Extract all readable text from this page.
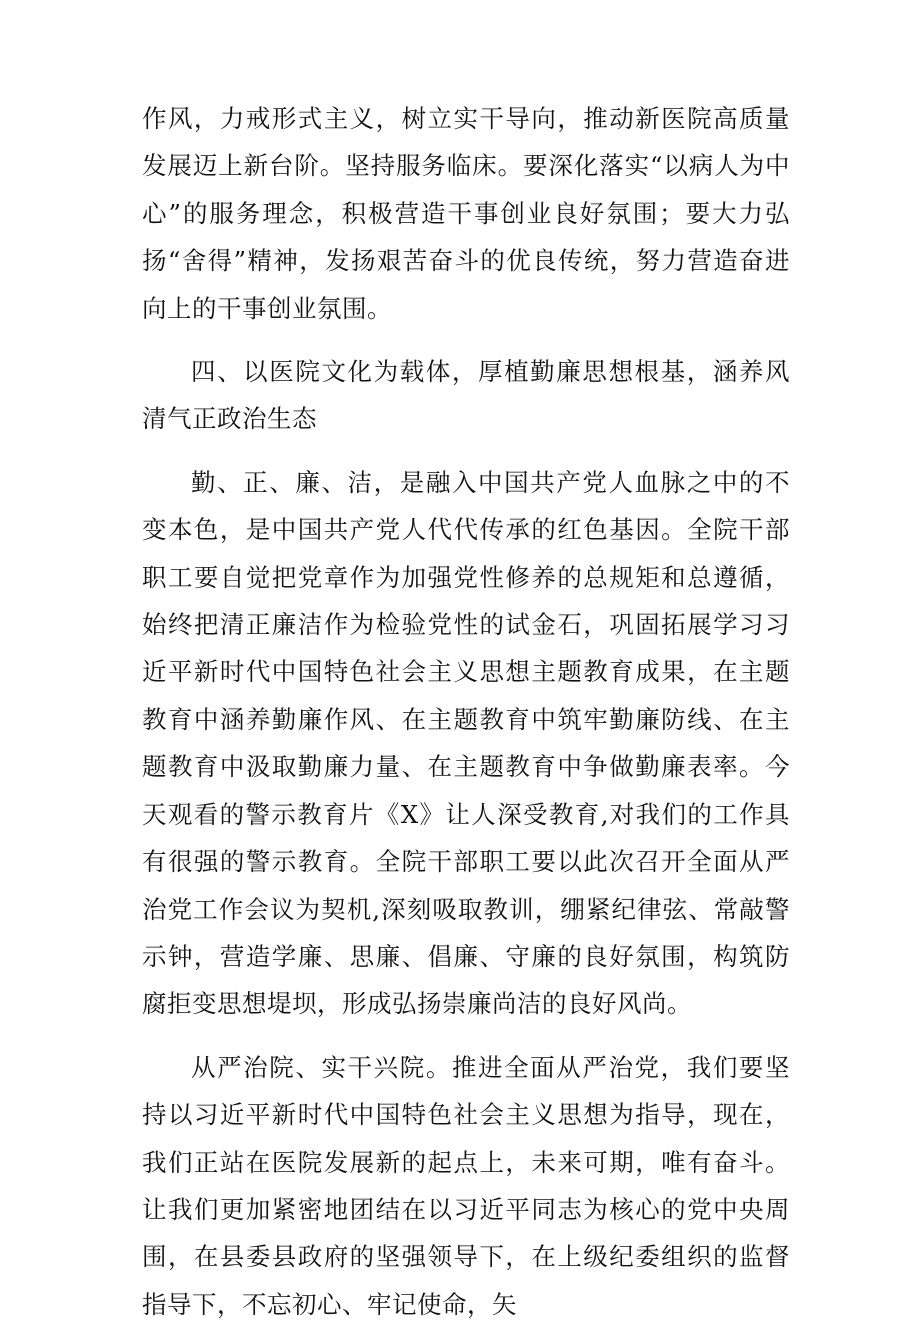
作风，力戒形式主义，树立实干导向，推动新医院高质量发展迈上新台阶。坚持服务临床。要深化落实“以病人为中心”的服务理念，积极营造干事创业良好氛围；要大力弘扬“舍得”精神，发扬艰苦奋斗的优良传统，努力营造奋进向上的干事创业氛围。

四、以医院文化为载体，厚植勤廉思想根基，涵养风清气正政治生态

勤、正、廉、洁，是融入中国共产党人血脉之中的不变本色，是中国共产党人代代传承的红色基因。全院干部职工要自觉把党章作为加强党性修养的总规矩和总遵循，始终把清正廉洁作为检验党性的试金石，巩固拓展学习习近平新时代中国特色社会主义思想主题教育成果，在主题教育中涵养勤廉作风、在主题教育中筑牢勤廉防线、在主题教育中汲取勤廉力量、在主题教育中争做勤廉表率。今天观看的警示教育片《X》让人深受教育,对我们的工作具有很强的警示教育。全院干部职工要以此次召开全面从严治党工作会议为契机,深刻吸取教训，绷紧纪律弦、常敲警示钟，营造学廉、思廉、倡廉、守廉的良好氛围，构筑防腐拒变思想堤坝，形成弘扬崇廉尚洁的良好风尚。

从严治院、实干兴院。推进全面从严治党，我们要坚持以习近平新时代中国特色社会主义思想为指导，现在，我们正站在医院发展新的起点上，未来可期，唯有奋斗。让我们更加紧密地团结在以习近平同志为核心的党中央周围，在县委县政府的坚强领导下，在上级纪委组织的监督指导下，不忘初心、牢记使命，矢
